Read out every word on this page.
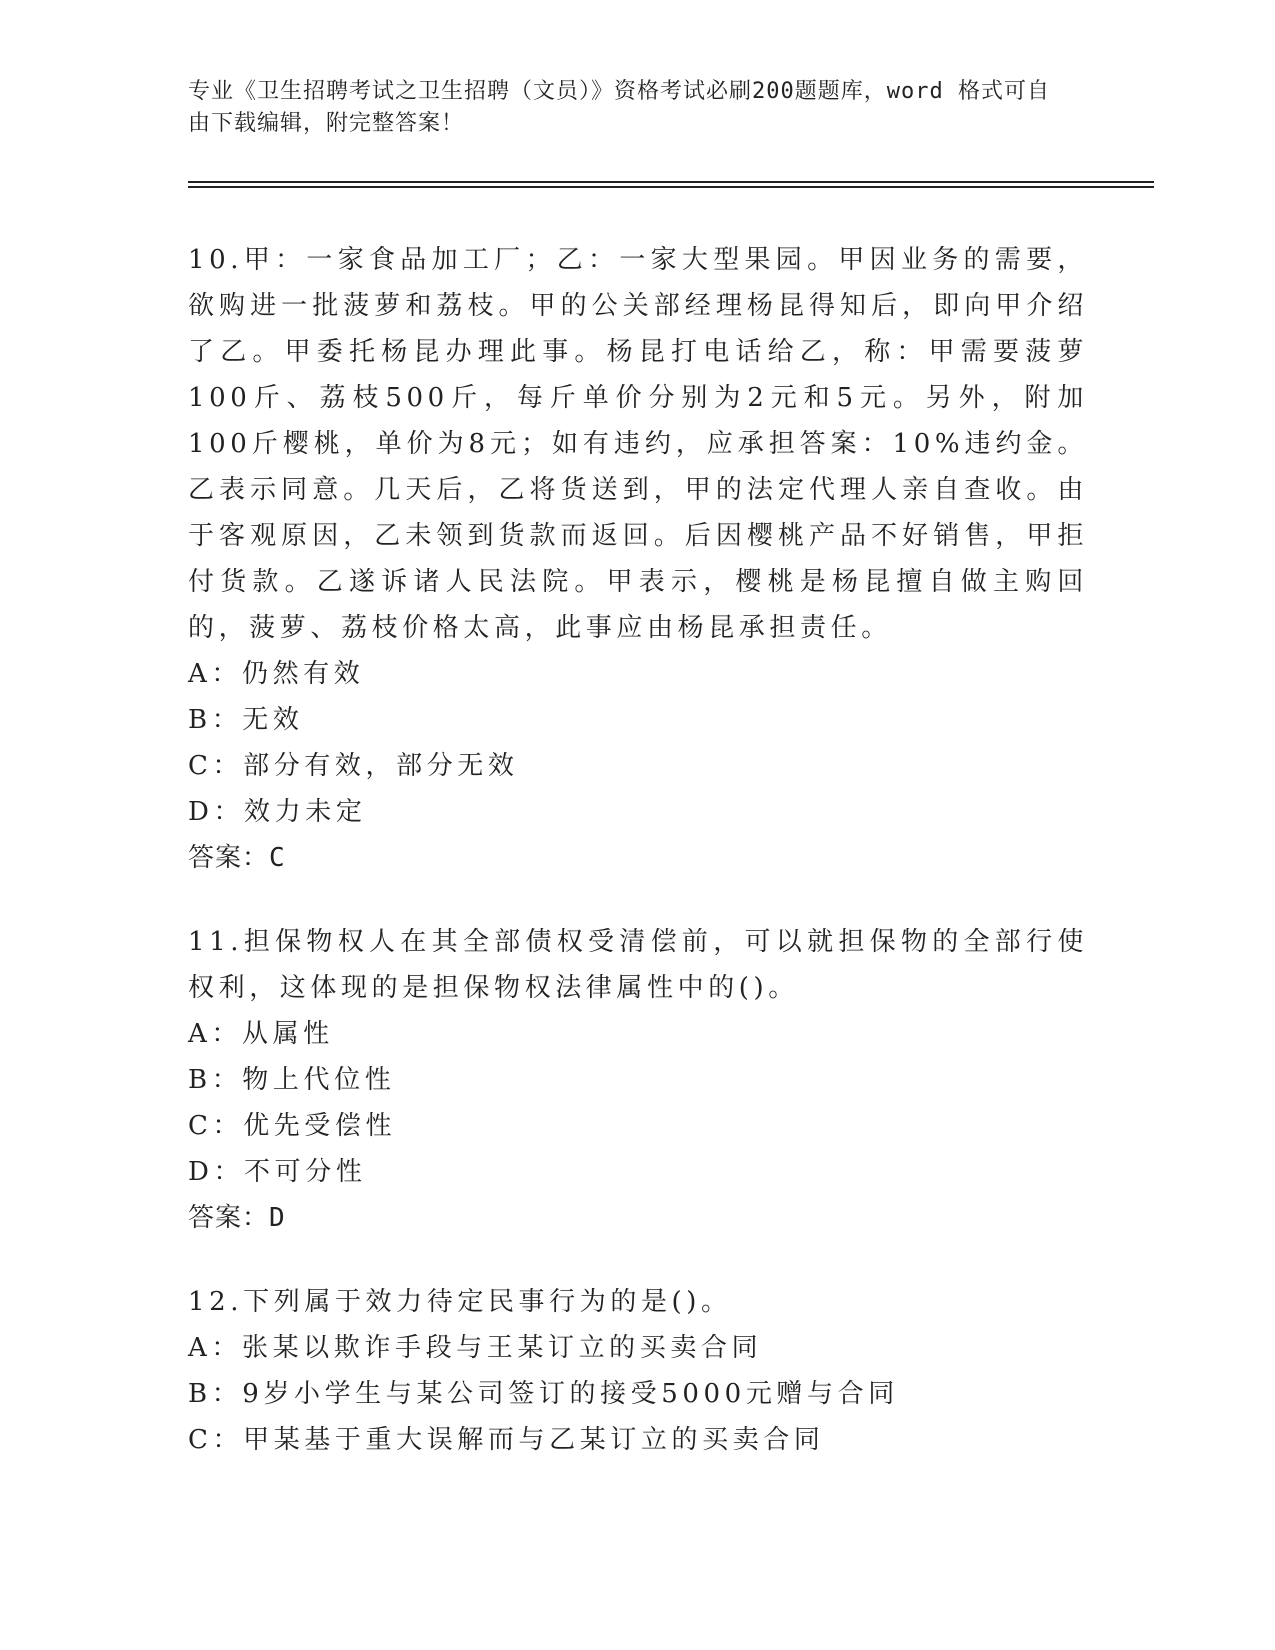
专业《卫生招聘考试之卫生招聘（文员）》资格考试必刷200题题库，word 格式可自由下载编辑，附完整答案！

10.甲：一家食品加工厂；乙：一家大型果园。甲因业务的需要，欲购进一批菠萝和荔枝。甲的公关部经理杨昆得知后，即向甲介绍了乙。甲委托杨昆办理此事。杨昆打电话给乙，称：甲需要菠萝100斤、荔枝500斤，每斤单价分别为2元和5元。另外，附加100斤樱桃，单价为8元；如有违约，应承担答案：10%违约金。乙表示同意。几天后，乙将货送到，甲的法定代理人亲自查收。由于客观原因，乙未领到货款而返回。后因樱桃产品不好销售，甲拒付货款。乙遂诉诸人民法院。甲表示，樱桃是杨昆擅自做主购回的，菠萝、荔枝价格太高，此事应由杨昆承担责任。

A：仍然有效

B：无效

C：部分有效，部分无效

D：效力未定

答案：C

11.担保物权人在其全部债权受清偿前，可以就担保物的全部行使权利，这体现的是担保物权法律属性中的()。

A：从属性

B：物上代位性

C：优先受偿性

D：不可分性

答案：D

12.下列属于效力待定民事行为的是()。

A：张某以欺诈手段与王某订立的买卖合同

B：9岁小学生与某公司签订的接受5000元赠与合同

C：甲某基于重大误解而与乙某订立的买卖合同
